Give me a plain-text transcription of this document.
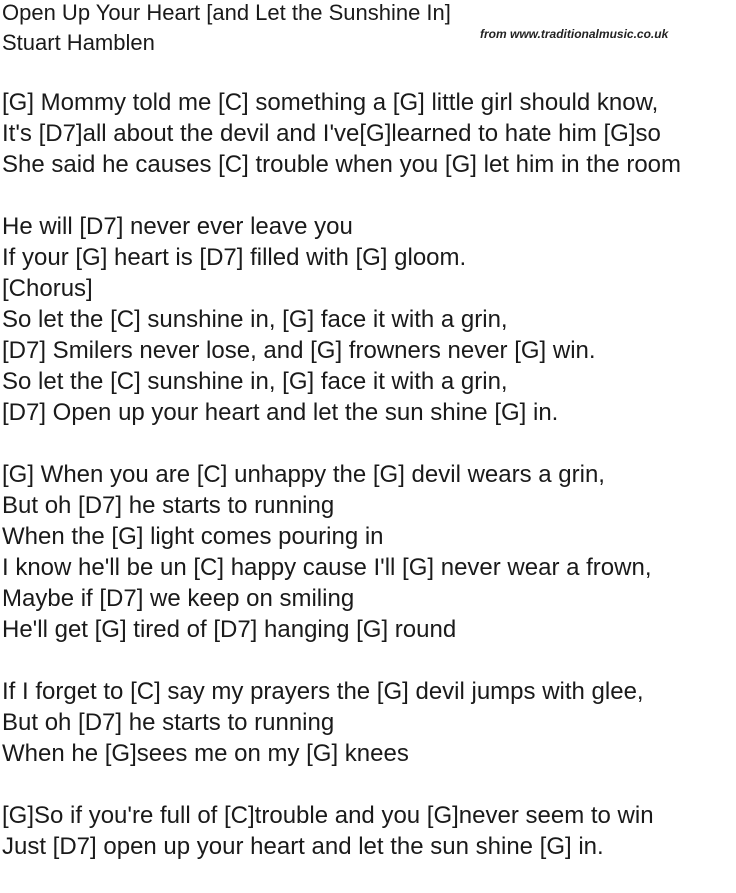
Open Up Your Heart [and Let the Sunshine In]
Stuart Hamblen	from www.traditionalmusic.co.uk
[G] Mommy told me [C] something a [G] little girl should know,
It's [D7]all about the devil and I've[G]learned to hate him [G]so
She said he causes [C] trouble when you [G] let him in the room
He will [D7] never ever leave you
If your [G] heart is [D7] filled with [G] gloom.
[Chorus]
So let the [C] sunshine in, [G] face it with a grin,
[D7] Smilers never lose, and [G] frowners never [G] win.
So let the [C] sunshine in, [G] face it with a grin,
[D7] Open up your heart and let the sun shine [G] in.
[G] When you are [C] unhappy the [G] devil wears a grin,
But oh [D7] he starts to running
When the [G] light comes pouring in
I know he'll be un [C] happy cause I'll [G] never wear a frown,
Maybe if [D7] we keep on smiling
He'll get [G] tired of [D7] hanging [G] round
If I forget to [C] say my prayers the [G] devil jumps with glee,
But oh [D7] he starts to running
When he [G]sees me on my [G] knees
[G]So if you're full of [C]trouble and you [G]never seem to win
Just [D7] open up your heart and let the sun shine [G] in.
